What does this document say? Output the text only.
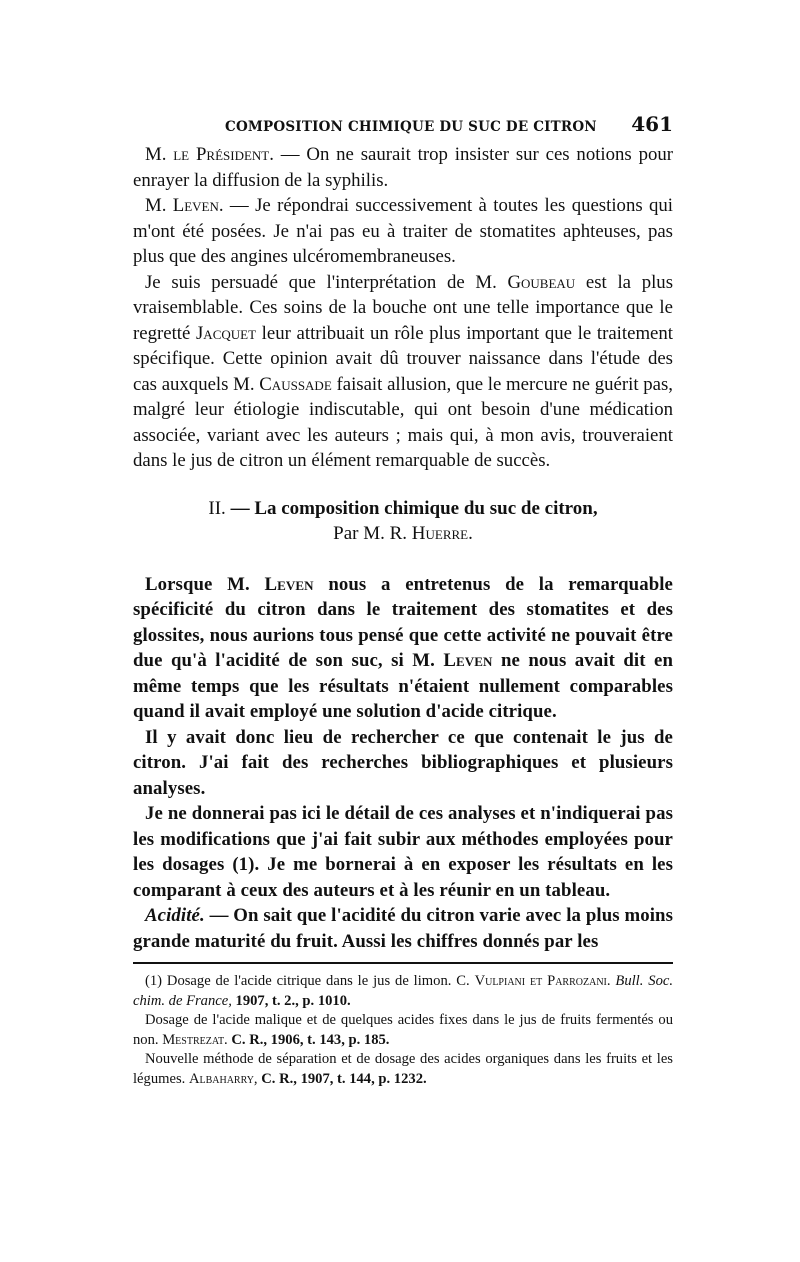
COMPOSITION CHIMIQUE DU SUC DE CITRON 461

M. le Président. — On ne saurait trop insister sur ces notions pour enrayer la diffusion de la syphilis.

M. Leven. — Je répondrai successivement à toutes les questions qui m'ont été posées. Je n'ai pas eu à traiter de stomatites aphteuses, pas plus que des angines ulcéromembraneuses.

Je suis persuadé que l'interprétation de M. Goubeau est la plus vraisemblable. Ces soins de la bouche ont une telle importance que le regretté Jacquet leur attribuait un rôle plus important que le traitement spécifique. Cette opinion avait dû trouver naissance dans l'étude des cas auxquels M. Caussade faisait allusion, que le mercure ne guérit pas, malgré leur étiologie indiscutable, qui ont besoin d'une médication associée, variant avec les auteurs ; mais qui, à mon avis, trouveraient dans le jus de citron un élément remarquable de succès.

II. — La composition chimique du suc de citron,
Par M. R. Huerre.

Lorsque M. Leven nous a entretenus de la remarquable spécificité du citron dans le traitement des stomatites et des glossites, nous aurions tous pensé que cette activité ne pouvait être due qu'à l'acidité de son suc, si M. Leven ne nous avait dit en même temps que les résultats n'étaient nullement comparables quand il avait employé une solution d'acide citrique.

Il y avait donc lieu de rechercher ce que contenait le jus de citron. J'ai fait des recherches bibliographiques et plusieurs analyses.

Je ne donnerai pas ici le détail de ces analyses et n'indiquerai pas les modifications que j'ai fait subir aux méthodes employées pour les dosages (1). Je me bornerai à en exposer les résultats en les comparant à ceux des auteurs et à les réunir en un tableau.

Acidité. — On sait que l'acidité du citron varie avec la plus moins grande maturité du fruit. Aussi les chiffres donnés par les

(1) Dosage de l'acide citrique dans le jus de limon. C. Vulpiani et Parrozani. Bull. Soc. chim. de France, 1907, t. 2., p. 1010.

Dosage de l'acide malique et de quelques acides fixes dans le jus de fruits fermentés ou non. Mestrezat. C. R., 1906, t. 143, p. 185.

Nouvelle méthode de séparation et de dosage des acides organiques dans les fruits et les légumes. Albaharry, C. R., 1907, t. 144, p. 1232.
